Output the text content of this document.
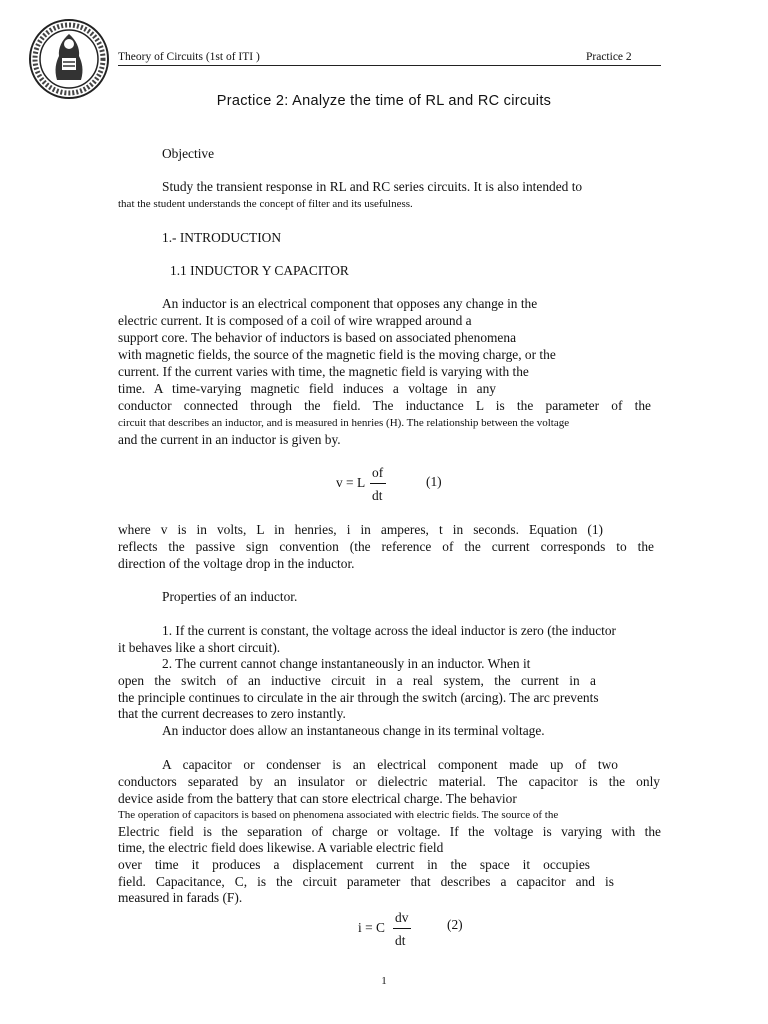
Theory of Circuits (1st of ITI )	Practice 2
Practice 2: Analyze the time of RL and RC circuits
Objective
Study the transient response in RL and RC series circuits. It is also intended to
that the student understands the concept of filter and its usefulness.
1.- INTRODUCTION
1.1 INDUCTOR Y CAPACITOR
An inductor is an electrical component that opposes any change in the
electric current. It is composed of a coil of wire wrapped around a
support core. The behavior of inductors is based on associated phenomena
with magnetic fields, the source of the magnetic field is the moving charge, or the
current. If the current varies with time, the magnetic field is varying with the
time. A time-varying magnetic field induces a voltage in any
conductor connected through the field. The inductance L is the parameter of the
circuit that describes an inductor, and is measured in henries (H). The relationship between the voltage
and the current in an inductor is given by.
v = L
of
dt
(1)
where v is in volts, L in henries, i in amperes, t in seconds. Equation (1)
reflects the passive sign convention (the reference of the current corresponds to the
direction of the voltage drop in the inductor.
Properties of an inductor.
1. If the current is constant, the voltage across the ideal inductor is zero (the inductor
it behaves like a short circuit).
2. The current cannot change instantaneously in an inductor. When it
open the switch of an inductive circuit in a real system, the current in a
the principle continues to circulate in the air through the switch (arcing). The arc prevents
that the current decreases to zero instantly.
An inductor does allow an instantaneous change in its terminal voltage.
A capacitor or condenser is an electrical component made up of two
conductors separated by an insulator or dielectric material. The capacitor is the only
device aside from the battery that can store electrical charge. The behavior
The operation of capacitors is based on phenomena associated with electric fields. The source of the
Electric field is the separation of charge or voltage. If the voltage is varying with the
time, the electric field does likewise. A variable electric field
over time it produces a displacement current in the space it occupies
field. Capacitance, C, is the circuit parameter that describes a capacitor and is
measured in farads (F).
i = C
dv
dt
(2)
1
